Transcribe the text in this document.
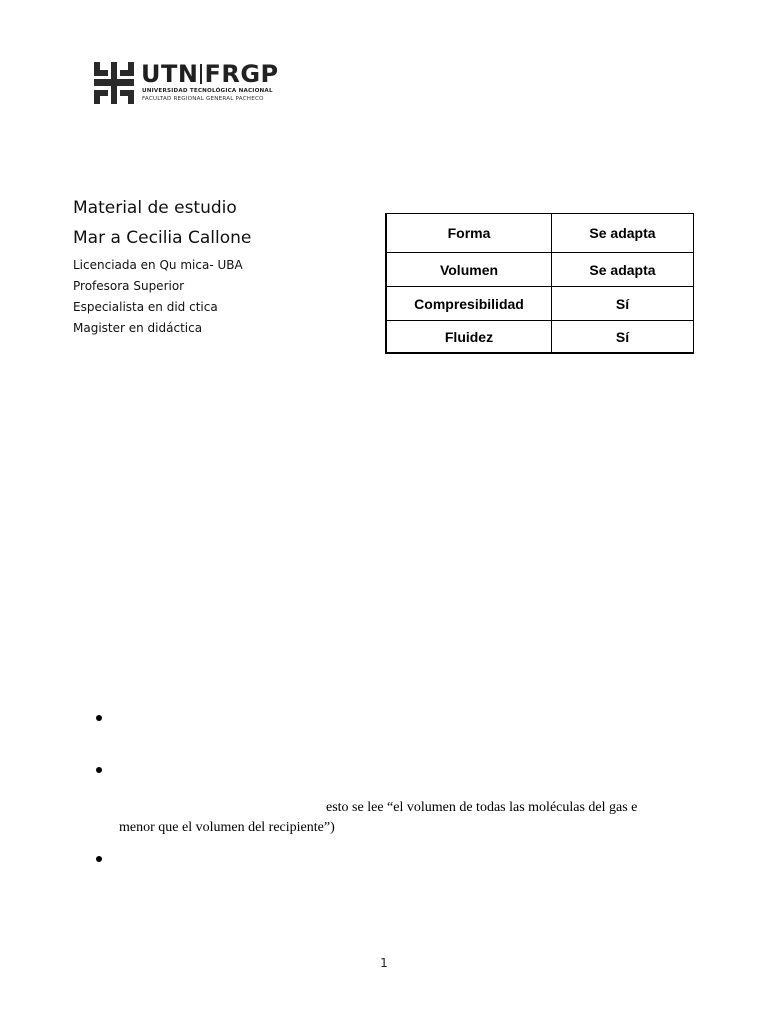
UTN FRGP
UNIVERSIDAD TECNOLÓGICA NACIONAL
FACULTAD REGIONAL GENERAL PACHECO
Material de estudio
Mar a Cecilia Callone
Licenciada en Qu mica- UBA
Profesora Superior
Especialista en did ctica
Magister en didáctica
Forma	Se adapta
Volumen	Se adapta
Compresibilidad	Sí
Fluidez	Sí
esto se lee “el volumen de todas las moléculas del gas e
menor que el volumen del recipiente”)
1
